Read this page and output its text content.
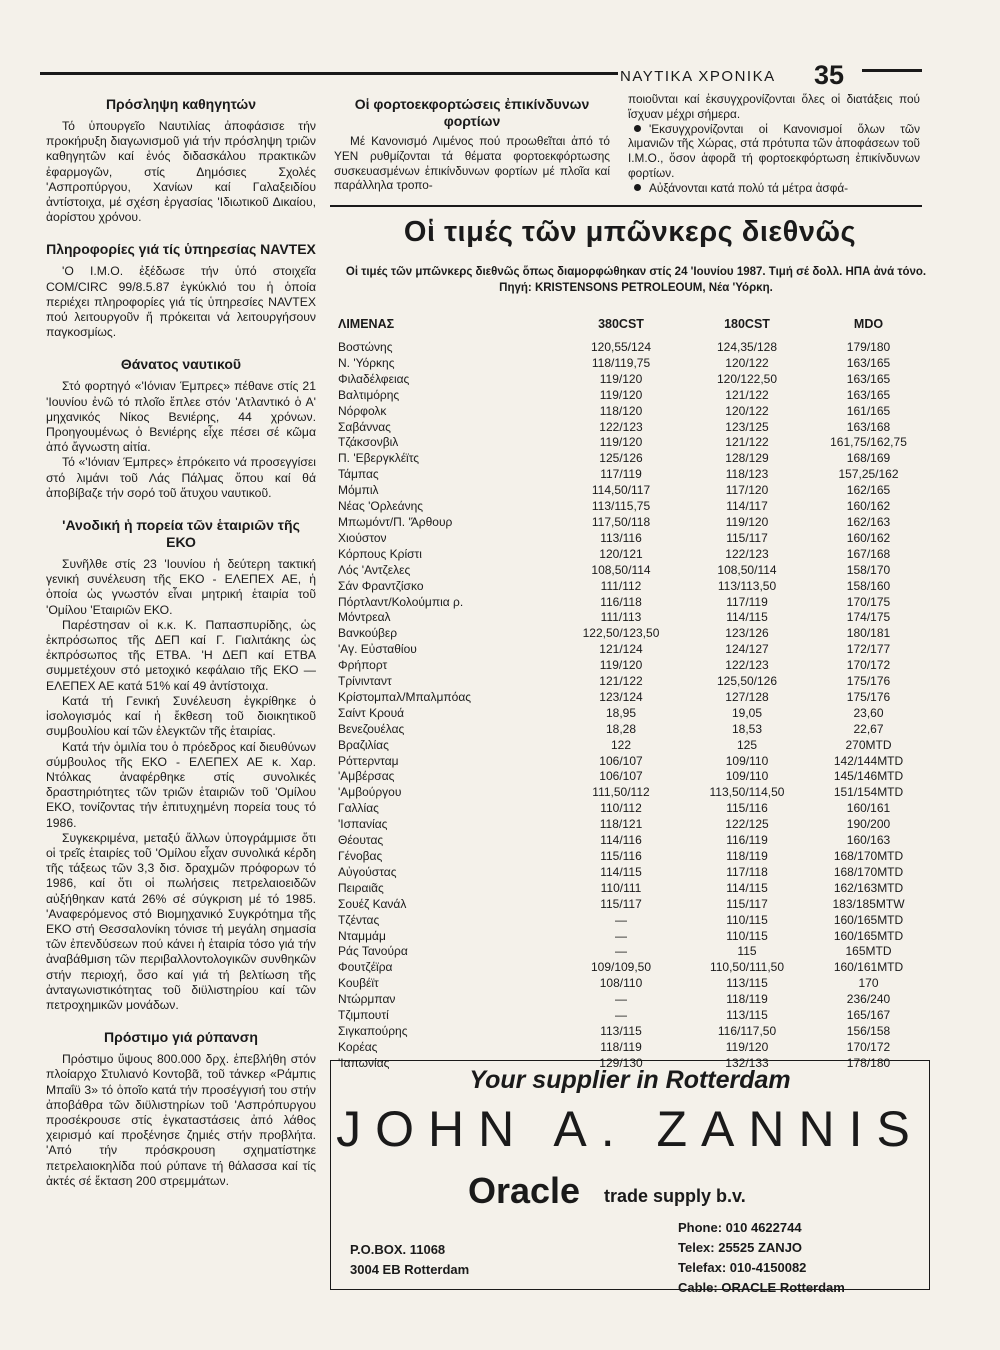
ΝΑΥΤΙΚΑ ΧΡΟΝΙΚΑ 35
Πρόσληψη καθηγητών

Τό ὑπουργεῖο Ναυτιλίας ἀποφάσισε τήν προκήρυξη διαγωνισμοῦ γιά τήν πρόσληψη τριῶν καθηγητῶν καί ἑνός διδασκάλου πρακτικῶν ἐφαρμογῶν, στίς Δημόσιες Σχολές 'Ασπροπύργου, Χανίων καί Γαλαξειδίου ἀντίστοιχα, μέ σχέση ἐργασίας 'Ιδιωτικοῦ Δικαίου, ἀορίστου χρόνου.

Πληροφορίες γιά τίς ὑπηρεσίας NAVTEX

'Ο Ι.Μ.Ο. ἐξέδωσε τήν ὑπό στοιχεῖα COM/CIRC 99/8.5.87 ἐγκύκλιό του ἡ ὁποία περιέχει πληροφορίες γιά τίς ὑπηρεσίες NAVTEX πού λειτουργοῦν ἤ πρόκειται νά λειτουργήσουν παγκοσμίως.

Θάνατος ναυτικοῦ

Στό φορτηγό «'Ιόνιαν Έμπρες» πέθανε στίς 21 'Ιουνίου ἐνῶ τό πλοῖο ἔπλεε στόν 'Ατλαντικό ὁ Α' μηχανικός Νίκος Βενιέρης, 44 χρόνων. Προηγουμένως ὁ Βενιέρης εἶχε πέσει σέ κῶμα ἀπό ἄγνωστη αἰτία.

Τό «'Ιόνιαν Έμπρες» ἐπρόκειτο νά προσεγγίσει στό λιμάνι τοῦ Λάς Πάλμας ὅπου καί θά ἀποβίβαζε τήν σορό τοῦ ἄτυχου ναυτικοῦ.

'Ανοδική ἡ πορεία τῶν ἑταιριῶν τῆς ΕΚΟ

Συνῆλθε στίς 23 'Ιουνίου ἡ δεύτερη τακτική γενική συνέλευση τῆς ΕΚΟ - ΕΛΕΠΕΧ ΑΕ, ἡ ὁποία ὡς γνωστόν εἶναι μητρική ἑταιρία τοῦ 'Ομίλου 'Εταιριῶν ΕΚΟ.

Παρέστησαν οἱ κ.κ. Κ. Παπασπυρίδης, ὡς ἐκπρόσωπος τῆς ΔΕΠ καί Γ. Γιαλιτάκης ὡς ἐκπρόσωπος τῆς ΕΤΒΑ. 'Η ΔΕΠ καί ΕΤΒΑ συμμετέχουν στό μετοχικό κεφάλαιο τῆς ΕΚΟ — ΕΛΕΠΕΧ ΑΕ κατά 51% καί 49 ἀντίστοιχα.

Κατά τή Γενική Συνέλευση ἐγκρίθηκε ὁ ἰσολογισμός καί ἡ ἔκθεση τοῦ διοικητικοῦ συμβουλίου καί τῶν ἐλεγκτῶν τῆς ἑταιρίας.

Κατά τήν ὁμιλία του ὁ πρόεδρος καί διευθύνων σύμβουλος τῆς ΕΚΟ - ΕΛΕΠΕΧ ΑΕ κ. Χαρ. Ντόλκας ἀναφέρθηκε στίς συνολικές δραστηριότητες τῶν τριῶν ἑταιριῶν τοῦ 'Ομίλου ΕΚΟ, τονίζοντας τήν ἐπιτυχημένη πορεία τους τό 1986.

Συγκεκριμένα, μεταξύ ἄλλων ὑπογράμμισε ὅτι οἱ τρεῖς ἑταιρίες τοῦ 'Ομίλου εἶχαν συνολικά κέρδη τῆς τάξεως τῶν 3,3 δισ. δραχμῶν πρόφορων τό 1986, καί ὅτι οἱ πωλήσεις πετρελαιοειδῶν αὐξήθηκαν κατά 26% σέ σύγκριση μέ τό 1985. 'Αναφερόμενος στό Βιομηχανικό Συγκρότημα τῆς ΕΚΟ στή Θεσσαλονίκη τόνισε τή μεγάλη σημασία τῶν ἐπενδύσεων πού κάνει ἡ ἑταιρία τόσο γιά τήν ἀναβάθμιση τῶν περιβαλλοντολογικῶν συνθηκῶν στήν περιοχή, ὅσο καί γιά τή βελτίωση τῆς ἀνταγωνιστικότητας τοῦ διϋλιστηρίου καί τῶν πετροχημικῶν μονάδων.

Πρόστιμο γιά ρύπανση

Πρόστιμο ὕψους 800.000 δρχ. ἐπεβλήθη στόν πλοίαρχο Στυλιανό Κοντοβᾶ, τοῦ τάνκερ «Ράμπις Μπαΐϋ 3» τό ὁποῖο κατά τήν προσέγγισή του στήν ἀποβάθρα τῶν διϋλιστηρίων τοῦ 'Ασπρόπυργου προσέκρουσε στίς ἐγκαταστάσεις ἀπό λάθος χειρισμό καί προξένησε ζημιές στήν προβλήτα. 'Από τήν πρόσκρουση σχηματίστηκε πετρελαιοκηλίδα πού ρύπανε τή θάλασσα καί τίς ἀκτές σέ ἔκταση 200 στρεμμάτων.

Οἱ φορτοεκφορτώσεις ἐπικίνδυνων φορτίων

Μέ Κανονισμό Λιμένος πού προωθεῖται ἀπό τό ΥΕΝ ρυθμίζονται τά θέματα φορτοεκφόρτωσης συσκευασμένων ἐπικίνδυνων φορτίων μέ πλοῖα καί παράλληλα τροπο-

ποιοῦνται καί ἐκσυγχρονίζονται ὅλες οἱ διατάξεις πού ἴσχυαν μέχρι σήμερα.

'Εκσυγχρονίζονται οἱ Κανονισμοί ὅλων τῶν λιμανιῶν τῆς Χώρας, στά πρότυπα τῶν ἀποφάσεων τοῦ Ι.Μ.Ο., ὅσον ἀφορᾶ τή φορτοεκφόρτωση ἐπικίνδυνων φορτίων.

Αὐξάνονται κατά πολύ τά μέτρα ἀσφά-

Οἱ τιμές τῶν μπῶνκερς διεθνῶς
Οἱ τιμές τῶν μπῶνκερς διεθνῶς ὅπως διαμορφώθηκαν στίς 24 'Ιουνίου 1987. Τιμή σέ δολλ. ΗΠΑ ἀνά τόνο. Πηγή: KRISTENSONS PETROLEOUM, Νέα 'Υόρκη.
ΛΙΜΕΝΑΣ	380CST	180CST	MDO
Βοστώνης	120,55/124	124,35/128	179/180
Ν. 'Υόρκης	118/119,75	120/122	163/165
Φιλαδέλφειας	119/120	120/122,50	163/165
Βαλτιμόρης	119/120	121/122	163/165
Νόρφολκ	118/120	120/122	161/165
Σαβάννας	122/123	123/125	163/168
Τζάκσονβιλ	119/120	121/122	161,75/162,75
Π. 'Εβεργκλέϊτς	125/126	128/129	168/169
Τάμπας	117/119	118/123	157,25/162
Μόμπιλ	114,50/117	117/120	162/165
Νέας 'Ορλεάνης	113/115,75	114/117	160/162
Μπωμόντ/Π. 'Άρθουρ	117,50/118	119/120	162/163
Χιούστον	113/116	115/117	160/162
Κόρπους Κρίστι	120/121	122/123	167/168
Λός 'Αντζελες	108,50/114	108,50/114	158/170
Σάν Φραντζίσκο	111/112	113/113,50	158/160
Πόρτλαντ/Κολούμπια ρ.	116/118	117/119	170/175
Μόντρεαλ	111/113	114/115	174/175
Βανκούβερ	122,50/123,50	123/126	180/181
'Αγ. Εὐσταθίου	121/124	124/127	172/177
Φρήπορτ	119/120	122/123	170/172
Τρίνινταντ	121/122	125,50/126	175/176
Κρίστομπαλ/Μπαλμπόας	123/124	127/128	175/176
Σαίντ Κρουά	18,95	19,05	23,60
Βενεζουέλας	18,28	18,53	22,67
Βραζιλίας	122	125	270MTD
Ρόττερνταμ	106/107	109/110	142/144MTD
'Αμβέρσας	106/107	109/110	145/146MTD
'Αμβούργου	111,50/112	113,50/114,50	151/154MTD
Γαλλίας	110/112	115/116	160/161
'Ισπανίας	118/121	122/125	190/200
Θέουτας	114/116	116/119	160/163
Γένοβας	115/116	118/119	168/170MTD
Αὐγούστας	114/115	117/118	168/170MTD
Πειραιᾶς	110/111	114/115	162/163MTD
Σουέζ Κανάλ	115/117	115/117	183/185MTW
Τζέντας	—	110/115	160/165MTD
Νταμμάμ	—	110/115	160/165MTD
Ράς Τανούρα	—	115	165MTD
Φουτζέϊρα	109/109,50	110,50/111,50	160/161MTD
Κουβέϊτ	108/110	113/115	170
Ντώρμπαν	—	118/119	236/240
Τζιμπουτί	—	113/115	165/167
Σιγκαπούρης	113/115	116/117,50	156/158
Κορέας	118/119	119/120	170/172
'Ιαπωνίας	129/130	132/133	178/180
Your supplier in Rotterdam
JOHN A. ZANNIS
Oracle trade supply b.v.
P.O.BOX. 11068
3004 EB Rotterdam
Phone: 010 4622744
Telex: 25525 ZANJO
Telefax: 010-4150082
Cable: ORACLE Rotterdam
